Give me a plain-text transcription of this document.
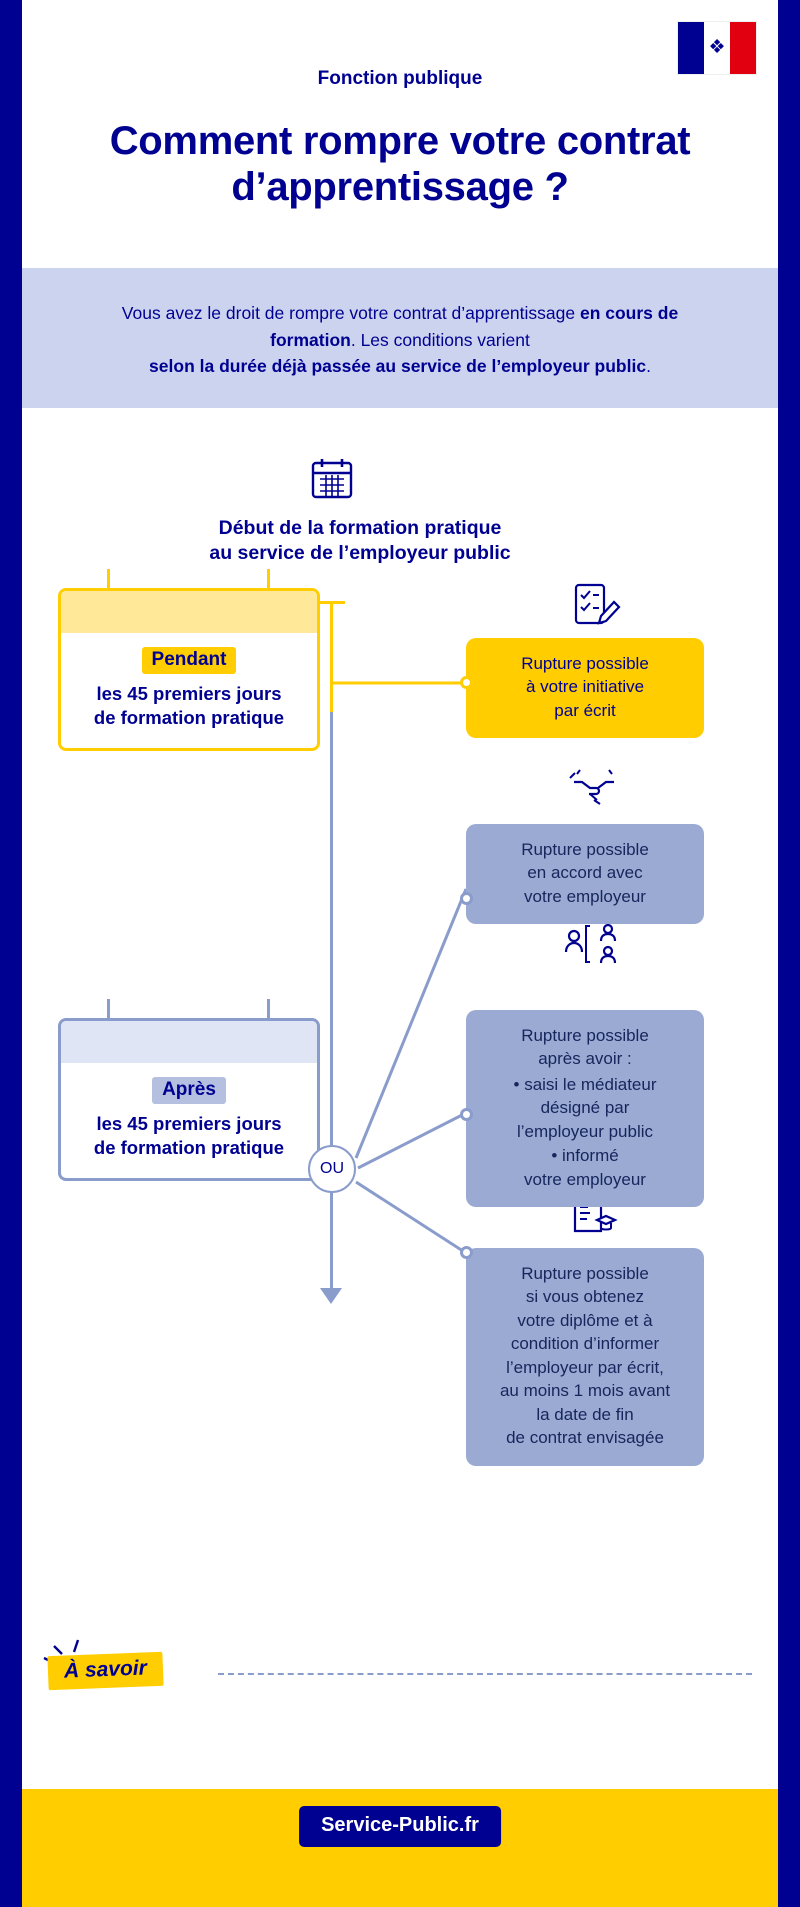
❖
Fonction publique
Comment rompre votre contrat d’apprentissage ?
Vous avez le droit de rompre votre contrat d’apprentissage en cours de formation. Les conditions varient
selon la durée déjà passée au service de l’employeur public.
Début de la formation pratique
au service de l’employeur public
Pendant
les 45 premiers jours
de formation pratique
Après
les 45 premiers jours
de formation pratique
OU
Rupture possible
à votre initiative
par écrit
Rupture possible
en accord avec
votre employeur
Rupture possible
après avoir :
• saisi le médiateur
désigné par
l’employeur public
• informé
votre employeur
Rupture possible
si vous obtenez
votre diplôme et à
condition d’informer
l’employeur par écrit,
au moins 1 mois avant
la date de fin
de contrat envisagée
À savoir

Service-Public.fr
